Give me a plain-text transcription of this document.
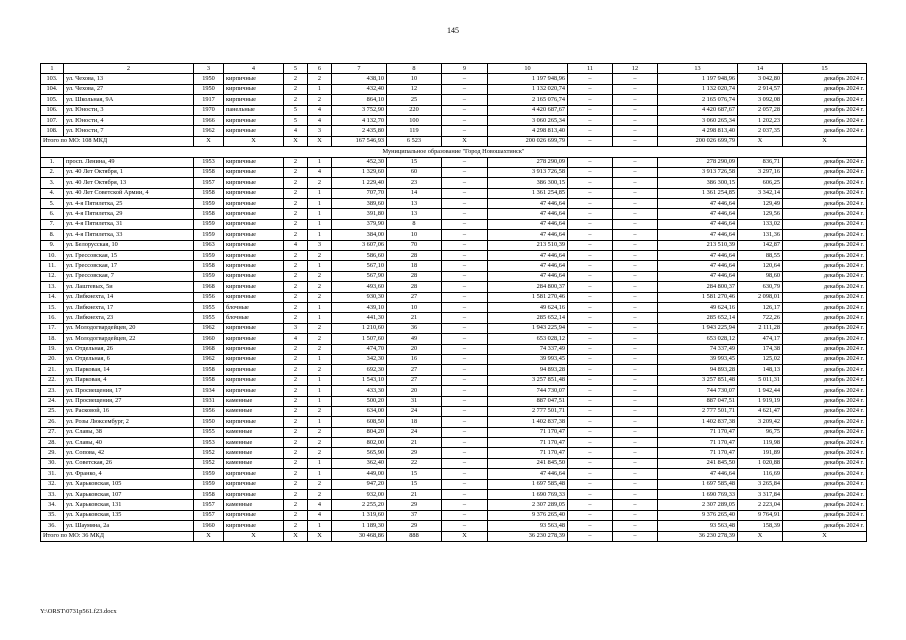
145
1	2	3	4	5	6	7	8	9	10	11	12	13	14	15
103.	ул. Чехова, 13	1950	кирпичные	2	2	438,10	10	–	1 197 948,96	–	–	1 197 948,96	3 042,80	декабрь 2024 г.
104.	ул. Чехова, 27	1950	кирпичные	2	1	432,40	12	–	1 132 020,74	–	–	1 132 020,74	2 914,57	декабрь 2024 г.
105.	ул. Школьная, 9А	1917	кирпичные	2	2	864,10	25	–	2 165 076,74	–	–	2 165 076,74	3 092,08	декабрь 2024 г.
106.	ул. Юности, 3	1970	панельные	5	4	3 752,90	220	–	4 420 687,67	–	–	4 420 687,67	2 057,28	декабрь 2024 г.
107.	ул. Юности, 4	1966	кирпичные	5	4	4 132,70	100	–	3 060 265,34	–	–	3 060 265,34	1 202,23	декабрь 2024 г.
108.	ул. Юности, 7	1962	кирпичные	4	3	2 435,80	119	–	4 298 813,40	–	–	4 298 813,40	2 037,35	декабрь 2024 г.
Итого по МО: 108 МКД		X	X	X	X	167 546,93	6 523	X	200 026 699,79	–	–	200 026 699,79	X	X
Муниципальное образование "Город Новошахтинск"														
1.	просп. Ленина, 49	1953	кирпичные	2	1	452,30	15	–	278 290,09	–	–	278 290,09	836,71	декабрь 2024 г.
2.	ул. 40 Лет Октября, 1	1958	кирпичные	2	4	1 329,60	60	–	3 913 726,58	–	–	3 913 726,58	3 297,16	декабрь 2024 г.
3.	ул. 40 Лет Октября, 13	1957	кирпичные	2	2	1 229,40	23	–	386 300,15	–	–	386 300,15	606,25	декабрь 2024 г.
4.	ул. 40 Лет Советской Армии, 4	1958	кирпичные	2	1	707,70	14	–	1 361 254,85	–	–	1 361 254,85	3 342,14	декабрь 2024 г.
5.	ул. 4-я Пятилетка, 25	1959	кирпичные	2	1	389,60	13	–	47 446,64	–	–	47 446,64	129,49	декабрь 2024 г.
6.	ул. 4-я Пятилетка, 29	1958	кирпичные	2	1	391,80	13	–	47 446,64	–	–	47 446,64	129,56	декабрь 2024 г.
7.	ул. 4-я Пятилетка, 31	1959	кирпичные	2	1	379,90	8	–	47 446,64	–	–	47 446,64	133,02	декабрь 2024 г.
8.	ул. 4-я Пятилетка, 33	1959	кирпичные	2	1	384,00	10	–	47 446,64	–	–	47 446,64	131,36	декабрь 2024 г.
9.	ул. Белорусская, 10	1963	кирпичные	4	3	3 607,06	70	–	213 510,39	–	–	213 510,39	142,87	декабрь 2024 г.
10.	ул. Грессовская, 15	1959	кирпичные	2	2	586,60	28	–	47 446,64	–	–	47 446,64	88,55	декабрь 2024 г.
11.	ул. Грессовская, 17	1958	кирпичные	2	1	567,10	18	–	47 446,64	–	–	47 446,64	120,64	декабрь 2024 г.
12.	ул. Грессовская, 7	1959	кирпичные	2	2	567,90	28	–	47 446,64	–	–	47 446,64	98,60	декабрь 2024 г.
13.	ул. Лаштевых, 5и	1968	кирпичные	2	2	493,60	28	–	284 800,37	–	–	284 800,37	630,79	декабрь 2024 г.
14.	ул. Либкнехта, 14	1956	кирпичные	2	2	930,30	27	–	1 581 270,46	–	–	1 581 270,46	2 098,01	декабрь 2024 г.
15.	ул. Либкнехта, 17	1955	блочные	2	1	439,10	10	–	49 624,16	–	–	49 624,16	126,17	декабрь 2024 г.
16.	ул. Либкнехта, 23	1955	блочные	2	1	441,30	21	–	285 652,14	–	–	285 652,14	722,26	декабрь 2024 г.
17.	ул. Молодогвардейцев, 20	1962	кирпичные	3	2	1 210,60	36	–	1 943 225,94	–	–	1 943 225,94	2 111,28	декабрь 2024 г.
18.	ул. Молодогвардейцев, 22	1960	кирпичные	4	2	1 507,60	49	–	653 028,12	–	–	653 028,12	474,17	декабрь 2024 г.
19.	ул. Отдельная, 26	1968	кирпичные	2	2	474,70	20	–	74 337,49	–	–	74 337,49	174,38	декабрь 2024 г.
20.	ул. Отдельная, 6	1962	кирпичные	2	1	342,30	16	–	39 993,45	–	–	39 993,45	125,02	декабрь 2024 г.
21.	ул. Парковая, 14	1958	кирпичные	2	2	692,30	27	–	94 893,28	–	–	94 893,28	148,13	декабрь 2024 г.
22.	ул. Парковая, 4	1958	кирпичные	2	1	1 543,10	27	–	3 257 851,48	–	–	3 257 851,48	5 011,31	декабрь 2024 г.
23.	ул. Просвещения, 17	1934	кирпичные	2	1	433,30	20	–	744 730,07	–	–	744 730,07	1 942,44	декабрь 2024 г.
24.	ул. Просвещения, 27	1931	каменные	2	1	500,20	31	–	887 047,51	–	–	887 047,51	1 919,19	декабрь 2024 г.
25.	ул. Расковой, 16	1956	каменные	2	2	634,00	24	–	2 777 501,71	–	–	2 777 501,71	4 621,47	декабрь 2024 г.
26.	ул. Розы Люксембург, 2	1950	кирпичные	2	1	608,50	18	–	1 402 837,38	–	–	1 402 837,38	3 209,42	декабрь 2024 г.
27.	ул. Славы, 38	1955	каменные	2	2	804,20	24	–	71 170,47	–	–	71 170,47	96,75	декабрь 2024 г.
28.	ул. Славы, 40	1953	каменные	2	2	802,00	21	–	71 170,47	–	–	71 170,47	119,98	декабрь 2024 г.
29.	ул. Сопова, 42	1952	каменные	2	2	565,90	29	–	71 170,47	–	–	71 170,47	191,89	декабрь 2024 г.
30.	ул. Советская, 26	1952	каменные	2	1	362,40	22	–	241 845,50	–	–	241 845,50	1 020,88	декабрь 2024 г.
31.	ул. Франко, 4	1959	кирпичные	2	1	449,00	15	–	47 446,64	–	–	47 446,64	116,69	декабрь 2024 г.
32.	ул. Харьковская, 105	1959	кирпичные	2	2	947,20	15	–	1 697 585,48	–	–	1 697 585,48	3 265,84	декабрь 2024 г.
33.	ул. Харьковская, 107	1958	кирпичные	2	2	932,00	21	–	1 690 769,33	–	–	1 690 769,33	3 317,84	декабрь 2024 г.
34.	ул. Харьковская, 131	1957	каменные	2	4	2 255,20	29	–	2 307 289,05	–	–	2 307 289,05	2 223,04	декабрь 2024 г.
35.	ул. Харьковская, 135	1957	кирпичные	2	4	1 319,60	37	–	9 376 265,40	–	–	9 376 265,40	9 764,91	декабрь 2024 г.
36.	ул. Шаумяна, 2а	1960	кирпичные	2	1	1 189,30	29	–	93 563,48	–	–	93 563,48	158,39	декабрь 2024 г.
Итого по МО: 36 МКД		X	X	X	X	30 468,86	888	X	36 230 278,39	–	–	36 230 278,39	X	X
Y:\ORST\0731p561.f23.docx
